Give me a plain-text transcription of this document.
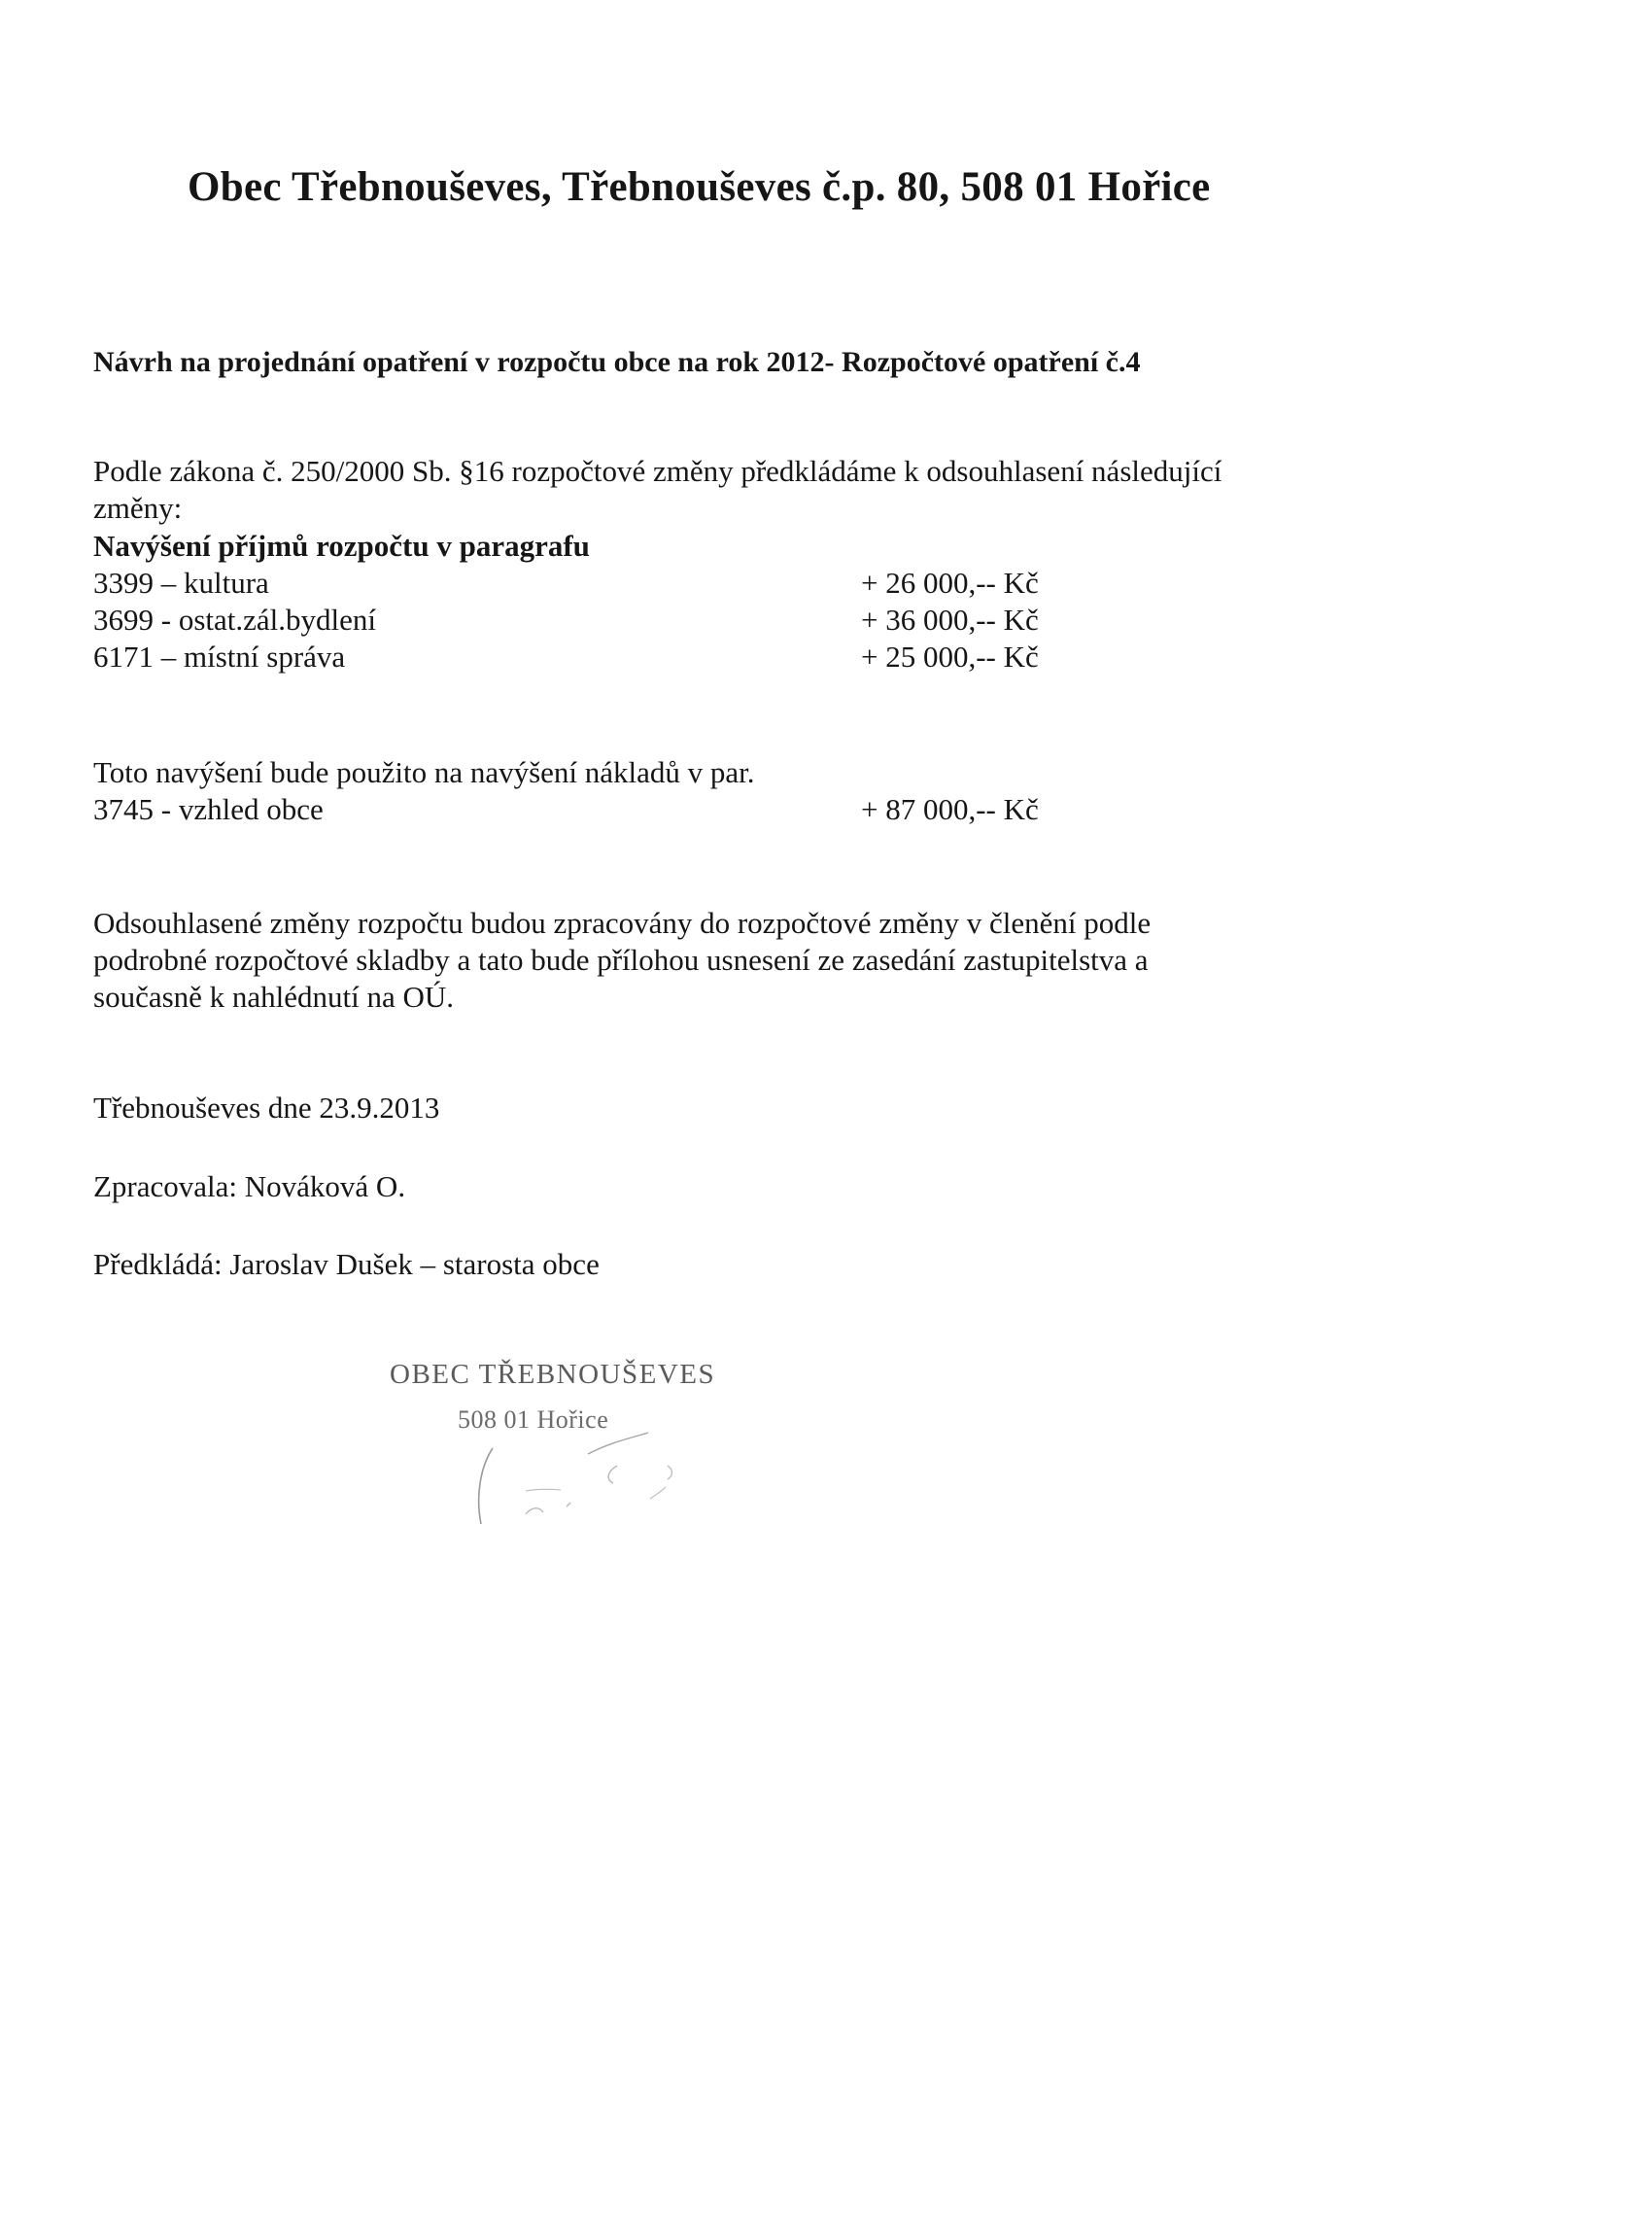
Obec Třebnouševes, Třebnouševes č.p. 80, 508 01 Hořice
Návrh na projednání opatření v rozpočtu obce na rok 2012- Rozpočtové opatření č.4
Podle zákona č. 250/2000 Sb. §16 rozpočtové změny předkládáme k odsouhlasení následující
změny:
Navýšení příjmů rozpočtu v paragrafu
3399 – kultura	+ 26 000,-- Kč
3699 - ostat.zál.bydlení	+ 36 000,-- Kč
6171 – místní správa	+ 25 000,-- Kč
Toto navýšení bude použito na navýšení nákladů v par.
3745 - vzhled obce	+ 87 000,-- Kč
Odsouhlasené změny rozpočtu budou zpracovány do rozpočtové změny v členění podle
podrobné rozpočtové skladby a tato bude přílohou usnesení ze zasedání zastupitelstva a
současně k nahlédnutí na OÚ.
Třebnouševes dne 23.9.2013
Zpracovala: Nováková O.
Předkládá: Jaroslav Dušek – starosta obce
OBEC TŘEBNOUŠEVES
508 01 Hořice
